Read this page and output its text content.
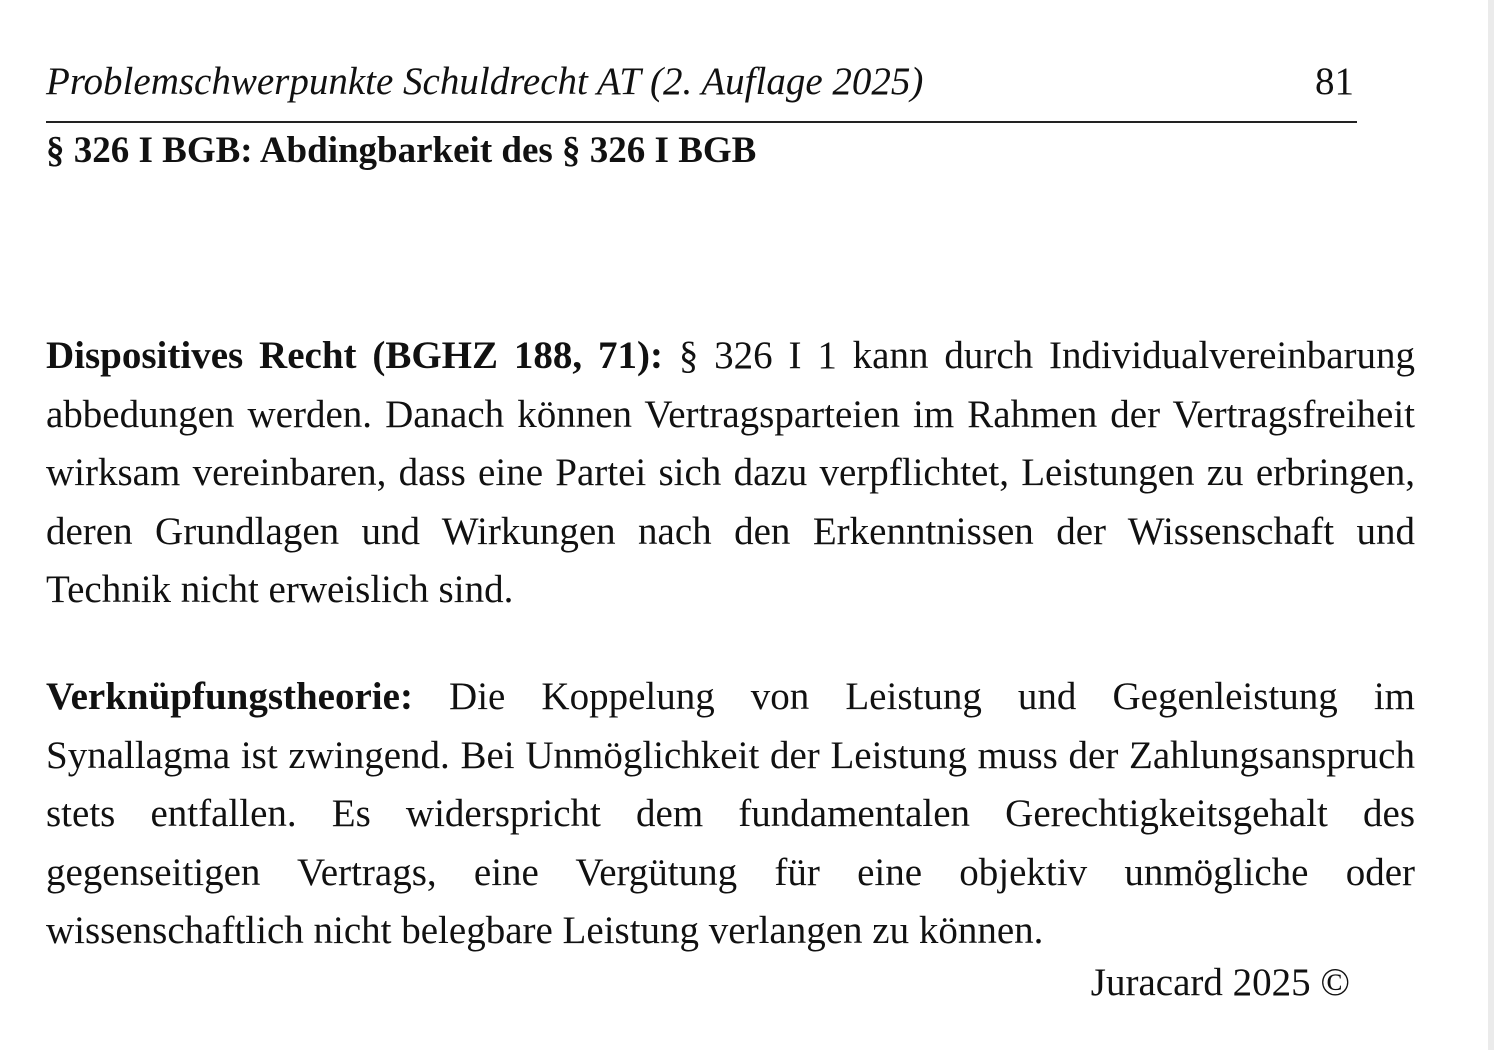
Problemschwerpunkte Schuldrecht AT (2. Auflage 2025)	81
§ 326 I BGB: Abdingbarkeit des § 326 I BGB

Dispositives Recht (BGHZ 188, 71): § 326 I 1 kann durch Individualvereinbarung abbedungen werden. Danach können Vertragsparteien im Rahmen der Vertragsfreiheit wirksam vereinbaren, dass eine Partei sich dazu verpflichtet, Leistungen zu erbringen, deren Grundlagen und Wirkungen nach den Erkenntnissen der Wissenschaft und Technik nicht erweislich sind.

Verknüpfungstheorie: Die Koppelung von Leistung und Gegenleistung im Synallagma ist zwingend. Bei Unmöglichkeit der Leistung muss der Zahlungsanspruch stets entfallen. Es widerspricht dem fundamentalen Gerechtigkeitsgehalt des gegenseitigen Vertrags, eine Vergütung für eine objektiv unmögliche oder wissenschaftlich nicht belegbare Leistung verlangen zu können.

Juracard 2025 ©
